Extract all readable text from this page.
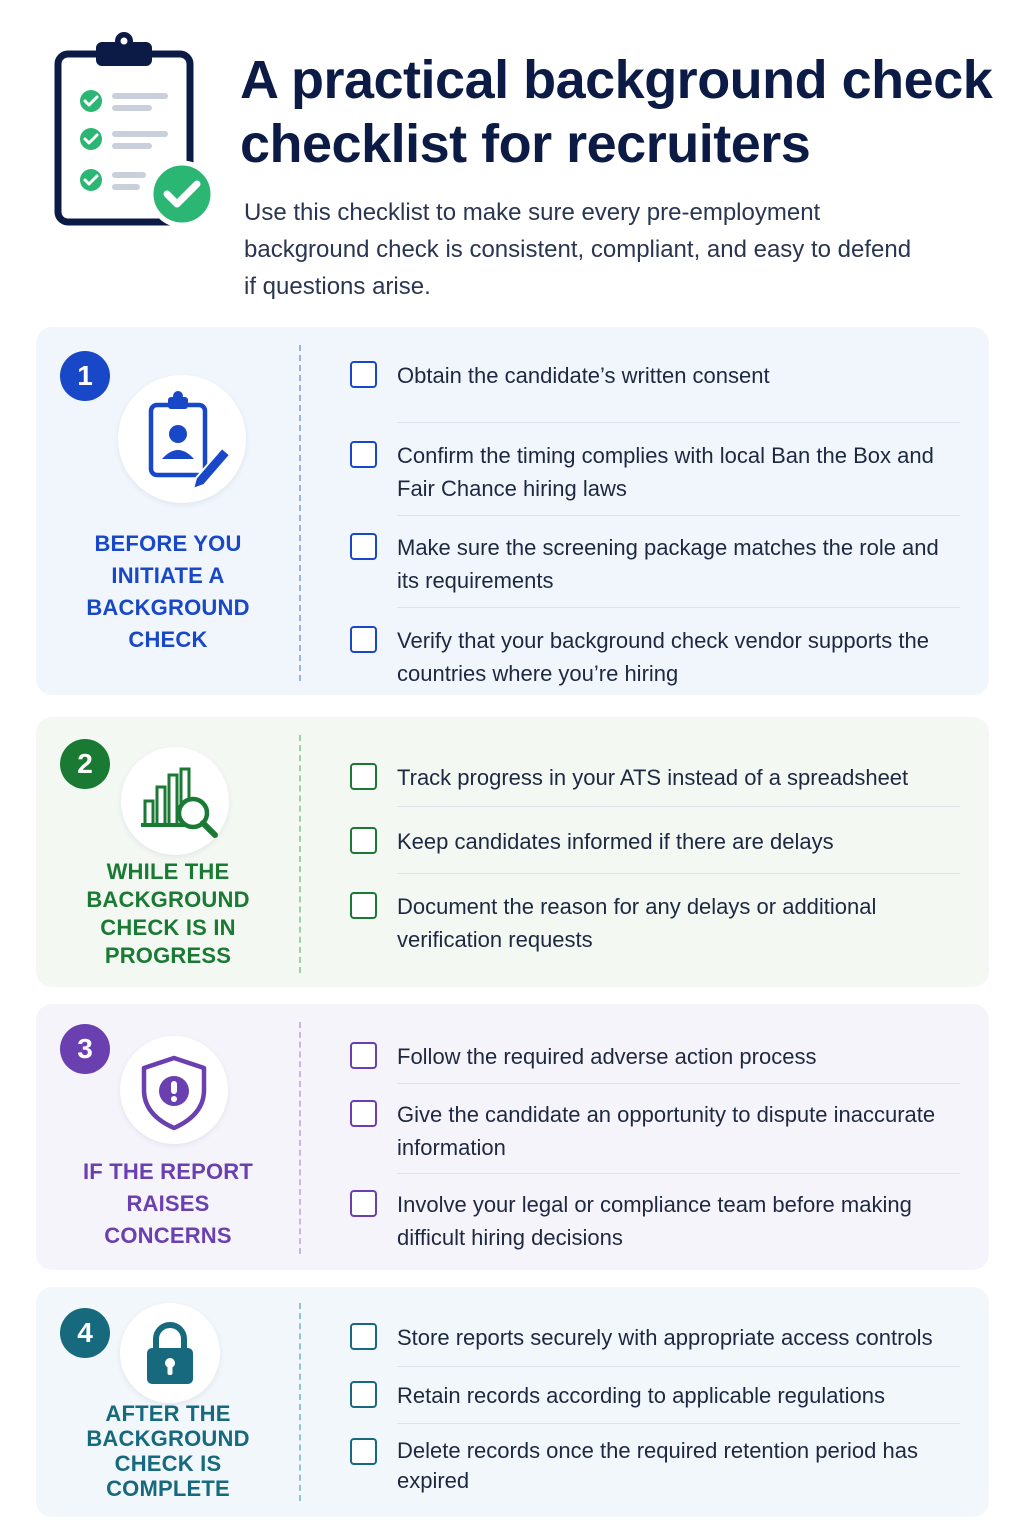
A practical background check checklist for recruiters

Use this checklist to make sure every pre-employment background check is consistent, compliant, and easy to defend if questions arise.

1
BEFORE YOU INITIATE A BACKGROUND CHECK
Obtain the candidate’s written consent
Confirm the timing complies with local Ban the Box and Fair Chance hiring laws
Make sure the screening package matches the role and its requirements
Verify that your background check vendor supports the countries where you’re hiring
2
WHILE THE BACKGROUND CHECK IS IN PROGRESS
Track progress in your ATS instead of a spreadsheet
Keep candidates informed if there are delays
Document the reason for any delays or additional verification requests
3
IF THE REPORT RAISES CONCERNS
Follow the required adverse action process
Give the candidate an opportunity to dispute inaccurate information
Involve your legal or compliance team before making difficult hiring decisions
4
AFTER THE BACKGROUND CHECK IS COMPLETE
Store reports securely with appropriate access controls
Retain records according to applicable regulations
Delete records once the required retention period has expired
